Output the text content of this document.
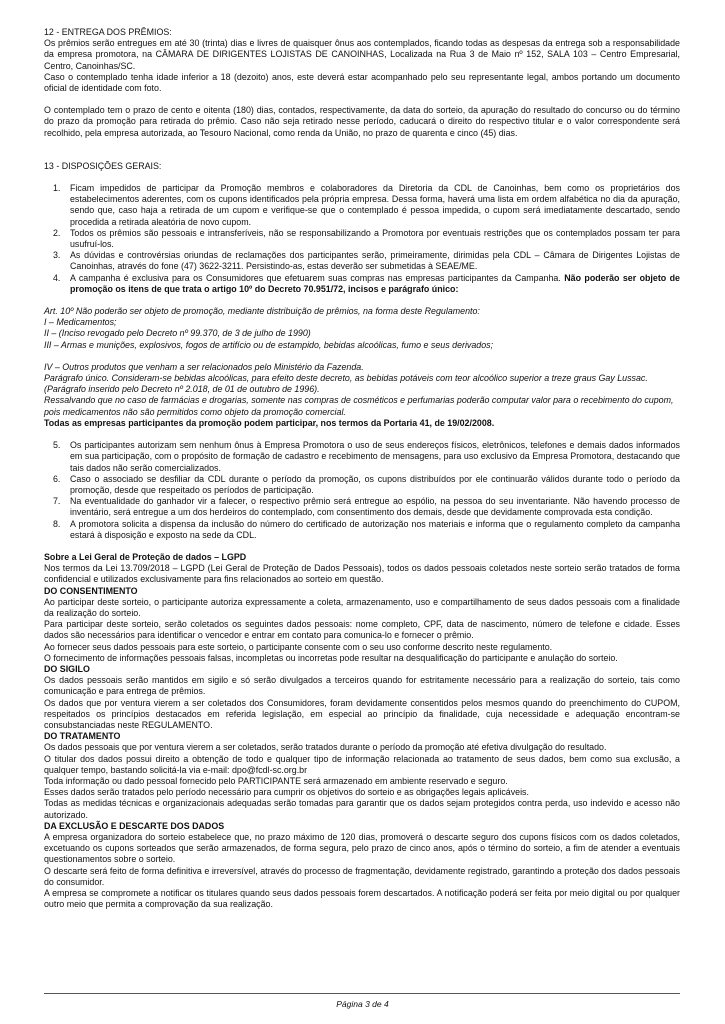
12 - ENTREGA DOS PRÊMIOS:

Os prêmios serão entregues em até 30 (trinta) dias e livres de quaisquer ônus aos contemplados, ficando todas as despesas da entrega sob a responsabilidade da empresa promotora, na CÂMARA DE DIRIGENTES LOJISTAS DE CANOINHAS, Localizada na Rua 3 de Maio nº 152, SALA 103 – Centro Empresarial, Centro, Canoinhas/SC.

Caso o contemplado tenha idade inferior a 18 (dezoito) anos, este deverá estar acompanhado pelo seu representante legal, ambos portando um documento oficial de identidade com foto.

O contemplado tem o prazo de cento e oitenta (180) dias, contados, respectivamente, da data do sorteio, da apuração do resultado do concurso ou do término do prazo da promoção para retirada do prêmio. Caso não seja retirado nesse período, caducará o direito do respectivo titular e o valor correspondente será recolhido, pela empresa autorizada, ao Tesouro Nacional, como renda da União, no prazo de quarenta e cinco (45) dias.

13 - DISPOSIÇÕES GERAIS:

1. Ficam impedidos de participar da Promoção membros e colaboradores da Diretoria da CDL de Canoinhas, bem como os proprietários dos estabelecimentos aderentes, com os cupons identificados pela própria empresa. Dessa forma, haverá uma lista em ordem alfabética no dia da apuração, sendo que, caso haja a retirada de um cupom e verifique-se que o contemplado é pessoa impedida, o cupom será imediatamente descartado, sendo procedida a retirada aleatória de novo cupom.
2. Todos os prêmios são pessoais e intransferíveis, não se responsabilizando a Promotora por eventuais restrições que os contemplados possam ter para usufruí-los.
3. As dúvidas e controvérsias oriundas de reclamações dos participantes serão, primeiramente, dirimidas pela CDL – Câmara de Dirigentes Lojistas de Canoinhas, através do fone (47) 3622-3211. Persistindo-as, estas deverão ser submetidas à SEAE/ME.
4. A campanha é exclusiva para os Consumidores que efetuarem suas compras nas empresas participantes da Campanha. Não poderão ser objeto de promoção os itens de que trata o artigo 10º do Decreto 70.951/72, incisos e parágrafo único:

Art. 10º Não poderão ser objeto de promoção, mediante distribuição de prêmios, na forma deste Regulamento:

I – Medicamentos;

II – (Inciso revogado pelo Decreto nº 99.370, de 3 de julho de 1990)

III – Armas e munições, explosivos, fogos de artifício ou de estampido, bebidas alcoólicas, fumo e seus derivados;

IV – Outros produtos que venham a ser relacionados pelo Ministério da Fazenda.

Parágrafo único. Consideram-se bebidas alcoólicas, para efeito deste decreto, as bebidas potáveis com teor alcoólico superior a treze graus Gay Lussac. (Parágrafo inserido pelo Decreto nº 2.018, de 01 de outubro de 1996).

Ressalvando que no caso de farmácias e drogarias, somente nas compras de cosméticos e perfumarias poderão computar valor para o recebimento do cupom, pois medicamentos não são permitidos como objeto da promoção comercial.

Todas as empresas participantes da promoção podem participar, nos termos da Portaria 41, de 19/02/2008.

5. Os participantes autorizam sem nenhum ônus à Empresa Promotora o uso de seus endereços físicos, eletrônicos, telefones e demais dados informados em sua participação, com o propósito de formação de cadastro e recebimento de mensagens, para uso exclusivo da Empresa Promotora, destacando que tais dados não serão comercializados.
6. Caso o associado se desfiliar da CDL durante o período da promoção, os cupons distribuídos por ele continuarão válidos durante todo o período da promoção, desde que respeitado os períodos de participação.
7. Na eventualidade do ganhador vir a falecer, o respectivo prêmio será entregue ao espólio, na pessoa do seu inventariante. Não havendo processo de inventário, será entregue a um dos herdeiros do contemplado, com consentimento dos demais, desde que devidamente comprovada esta condição.
8. A promotora solicita a dispensa da inclusão do número do certificado de autorização nos materiais e informa que o regulamento completo da campanha estará à disposição e exposto na sede da CDL.

Sobre a Lei Geral de Proteção de dados – LGPD

Nos termos da Lei 13.709/2018 – LGPD (Lei Geral de Proteção de Dados Pessoais), todos os dados pessoais coletados neste sorteio serão tratados de forma confidencial e utilizados exclusivamente para fins relacionados ao sorteio em questão.

DO CONSENTIMENTO

Ao participar deste sorteio, o participante autoriza expressamente a coleta, armazenamento, uso e compartilhamento de seus dados pessoais com a finalidade da realização do sorteio.

Para participar deste sorteio, serão coletados os seguintes dados pessoais: nome completo, CPF, data de nascimento, número de telefone e cidade. Esses dados são necessários para identificar o vencedor e entrar em contato para comunica-lo e fornecer o prêmio.

Ao fornecer seus dados pessoais para este sorteio, o participante consente com o seu uso conforme descrito neste regulamento.

O fornecimento de informações pessoais falsas, incompletas ou incorretas pode resultar na desqualificação do participante e anulação do sorteio.

DO SIGILO

Os dados pessoais serão mantidos em sigilo e só serão divulgados a terceiros quando for estritamente necessário para a realização do sorteio, tais como comunicação e para entrega de prêmios.

Os dados que por ventura vierem a ser coletados dos Consumidores, foram devidamente consentidos pelos mesmos quando do preenchimento do CUPOM, respeitados os princípios destacados em referida legislação, em especial ao princípio da finalidade, cuja necessidade e adequação encontram-se consubstanciadas neste REGULAMENTO.

DO TRATAMENTO

Os dados pessoais que por ventura vierem a ser coletados, serão tratados durante o período da promoção até efetiva divulgação do resultado.

O titular dos dados possui direito a obtenção de todo e qualquer tipo de informação relacionada ao tratamento de seus dados, bem como sua exclusão, a qualquer tempo, bastando solicitá-la via e-mail: dpo@fcdl-sc.org.br

Toda informação ou dado pessoal fornecido pelo PARTICIPANTE será armazenado em ambiente reservado e seguro.

Esses dados serão tratados pelo período necessário para cumprir os objetivos do sorteio e as obrigações legais aplicáveis.

Todas as medidas técnicas e organizacionais adequadas serão tomadas para garantir que os dados sejam protegidos contra perda, uso indevido e acesso não autorizado.

DA EXCLUSÃO E DESCARTE DOS DADOS

A empresa organizadora do sorteio estabelece que, no prazo máximo de 120 dias, promoverá o descarte seguro dos cupons físicos com os dados coletados, excetuando os cupons sorteados que serão armazenados, de forma segura, pelo prazo de cinco anos, após o término do sorteio, a fim de atender a eventuais questionamentos sobre o sorteio.

O descarte será feito de forma definitiva e irreversível, através do processo de fragmentação, devidamente registrado, garantindo a proteção dos dados pessoais do consumidor.

A empresa se compromete a notificar os titulares quando seus dados pessoais forem descartados. A notificação poderá ser feita por meio digital ou por qualquer outro meio que permita a comprovação da sua realização.

Página 3 de 4
